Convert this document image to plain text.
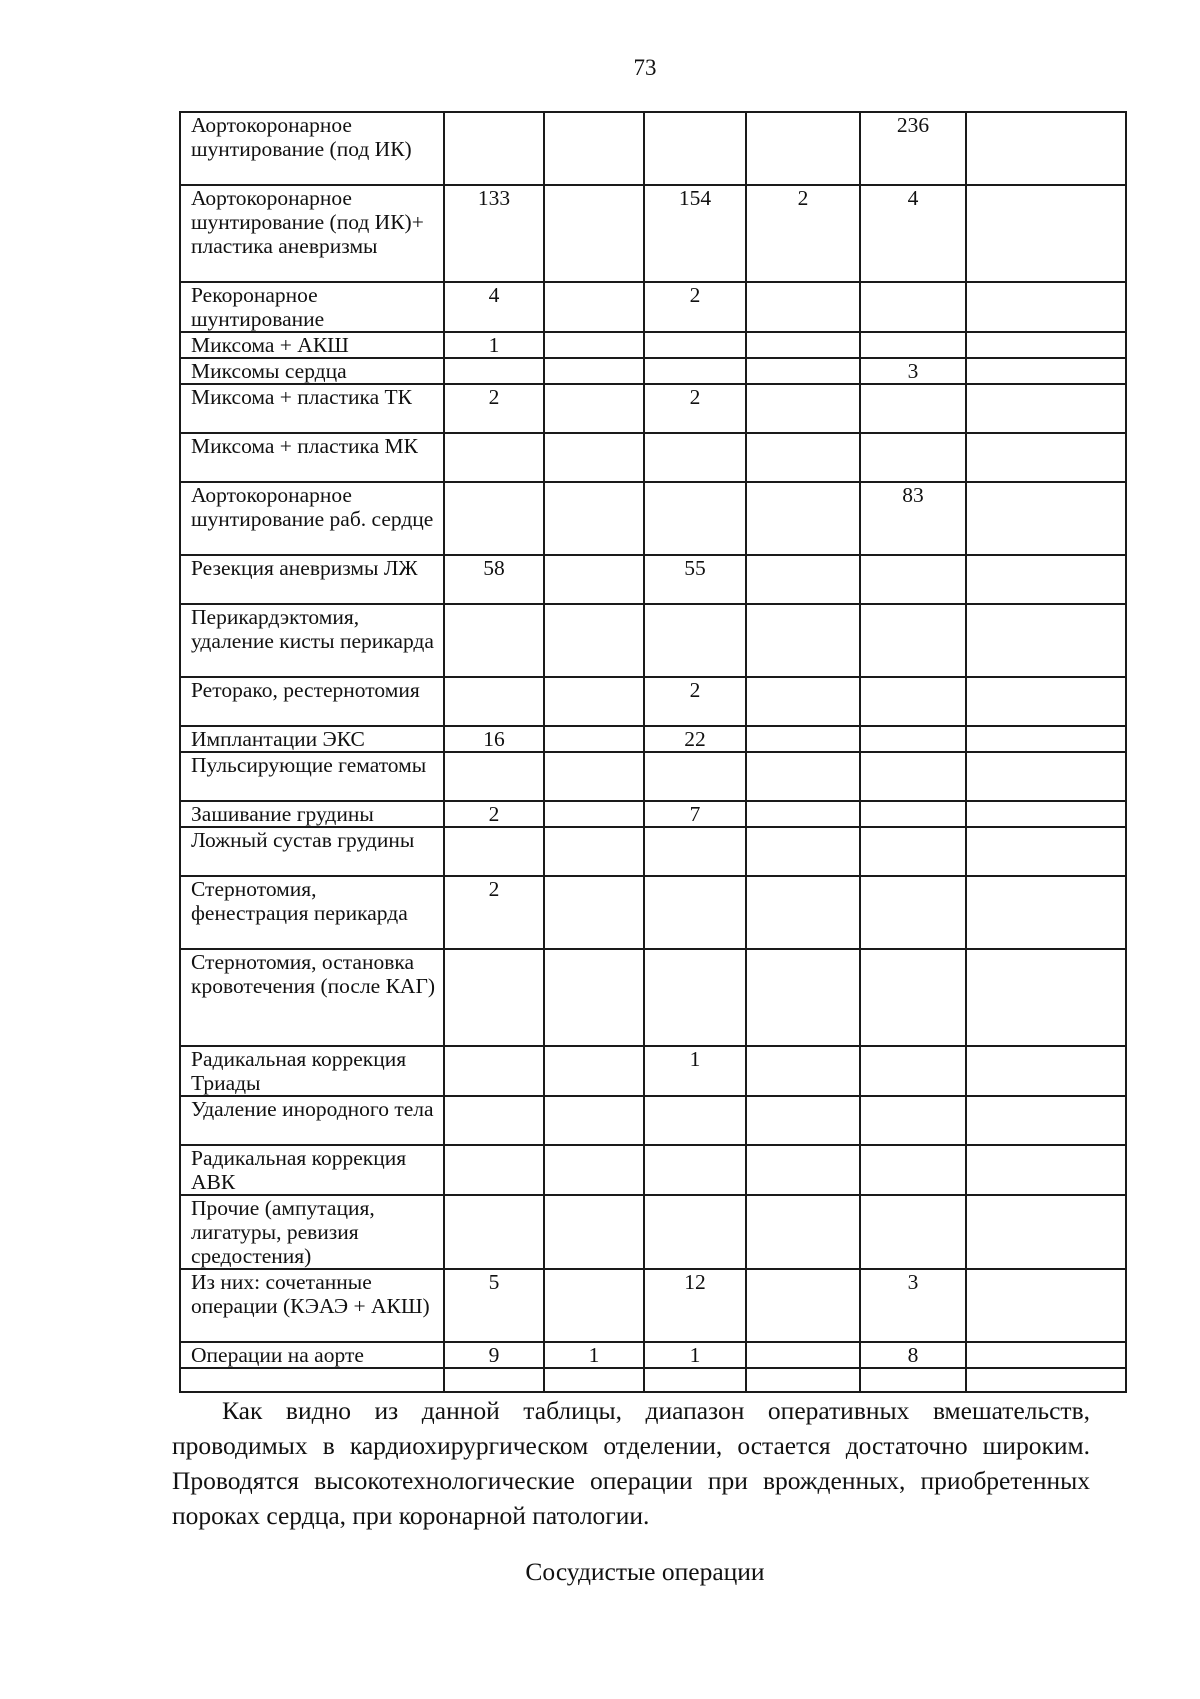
73
Аортокоронарное шунтирование (под ИК)					236	
Аортокоронарное шунтирование (под ИК)+ пластика аневризмы	133		154	2	4	
Рекоронарное шунтирование	4		2			
Миксома + АКШ	1					
Миксомы сердца					3	
Миксома + пластика ТК	2		2			
Миксома + пластика МК						
Аортокоронарное шунтирование раб. сердце					83	
Резекция аневризмы ЛЖ	58		55			
Перикардэктомия, удаление кисты перикарда						
Реторако, рестернотомия			2			
Имплантации ЭКС	16		22			
Пульсирующие гематомы						
Зашивание грудины	2		7			
Ложный сустав грудины						
Стернотомия, фенестрация перикарда	2					
Стернотомия, остановка кровотечения (после КАГ)						
Радикальная коррекция Триады			1			
Удаление инородного тела						
Радикальная коррекция АВК						
Прочие (ампутация, лигатуры, ревизия средостения)						
Из них: сочетанные операции (КЭАЭ + АКШ)	5		12		3	
Операции на аорте	9	1	1		8	

Как видно из данной таблицы, диапазон оперативных вмешательств, проводимых в кардиохирургическом отделении, остается достаточно широким. Проводятся высокотехнологические операции при врожденных, приобретенных пороках сердца, при коронарной патологии.

Сосудистые операции
